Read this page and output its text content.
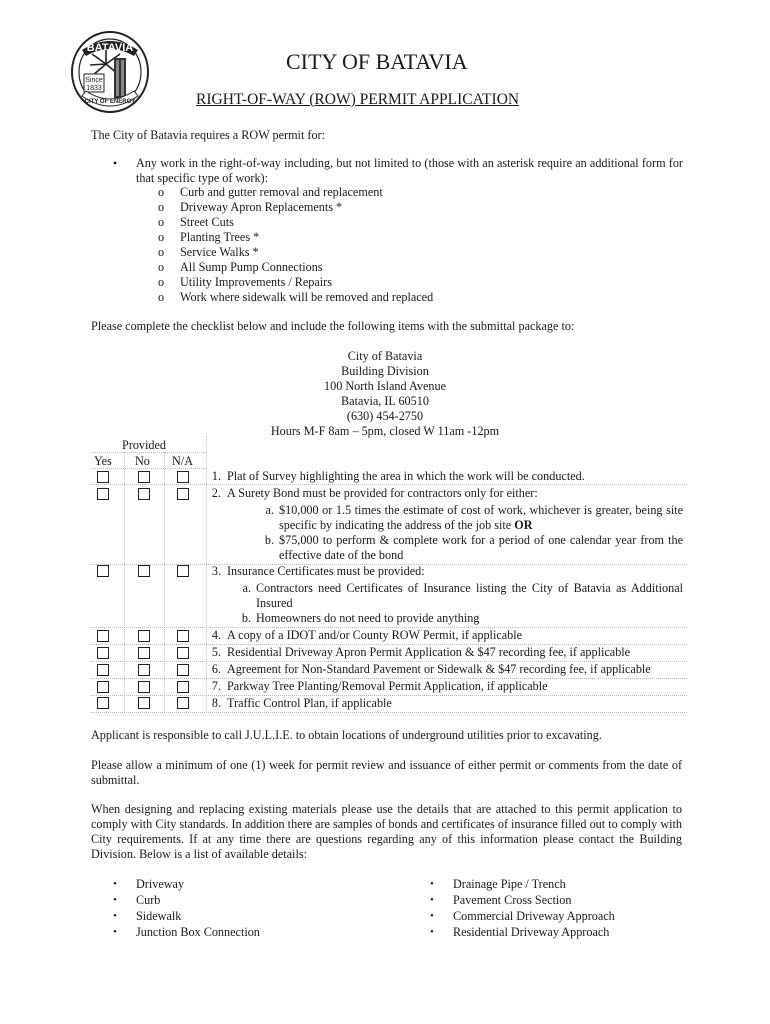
BATAVIA
Since
1833
CITY OF ENERGY
CITY OF BATAVIA
RIGHT-OF-WAY (ROW) PERMIT APPLICATION
The City of Batavia requires a ROW permit for:
• Any work in the right-of-way including, but not limited to (those with an asterisk require an additional form for that specific type of work):
o Curb and gutter removal and replacement
o Driveway Apron Replacements *
o Street Cuts
o Planting Trees *
o Service Walks *
o All Sump Pump Connections
o Utility Improvements / Repairs
o Work where sidewalk will be removed and replaced
Please complete the checklist below and include the following items with the submittal package to:
City of Batavia
Building Division
100 North Island Avenue
Batavia, IL 60510
(630) 454-2750
Hours M-F 8am – 5pm, closed W 11am -12pm
Provided
Yes No N/A
1. Plat of Survey highlighting the area in which the work will be conducted.
2. A Surety Bond must be provided for contractors only for either:
a. $10,000 or 1.5 times the estimate of cost of work, whichever is greater, being site specific by indicating the address of the job site OR
b. $75,000 to perform & complete work for a period of one calendar year from the effective date of the bond
3. Insurance Certificates must be provided:
a. Contractors need Certificates of Insurance listing the City of Batavia as Additional Insured
b. Homeowners do not need to provide anything
4. A copy of a IDOT and/or County ROW Permit, if applicable
5. Residential Driveway Apron Permit Application & $47 recording fee, if applicable
6. Agreement for Non-Standard Pavement or Sidewalk & $47 recording fee, if applicable
7. Parkway Tree Planting/Removal Permit Application, if applicable
8. Traffic Control Plan, if applicable
Applicant is responsible to call J.U.L.I.E. to obtain locations of underground utilities prior to excavating.
Please allow a minimum of one (1) week for permit review and issuance of either permit or comments from the date of submittal.
When designing and replacing existing materials please use the details that are attached to this permit application to comply with City standards. In addition there are samples of bonds and certificates of insurance filled out to comply with City requirements. If at any time there are questions regarding any of this information please contact the Building Division. Below is a list of available details:
• Driveway
• Curb
• Sidewalk
• Junction Box Connection
• Drainage Pipe / Trench
• Pavement Cross Section
• Commercial Driveway Approach
• Residential Driveway Approach
